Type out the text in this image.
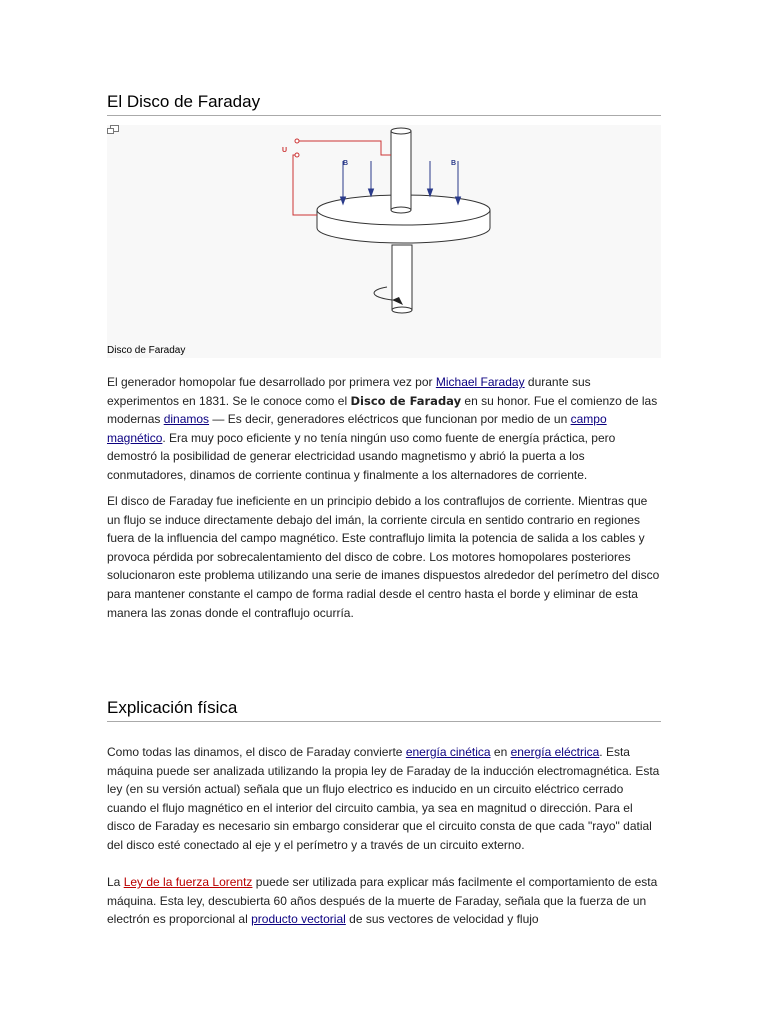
El Disco de Faraday
U
B	B
Disco de Faraday

El generador homopolar fue desarrollado por primera vez por Michael Faraday durante sus experimentos en 1831. Se le conoce como el Disco de Faraday en su honor. Fue el comienzo de las modernas dinamos — Es decir, generadores eléctricos que funcionan por medio de un campo magnético. Era muy poco eficiente y no tenía ningún uso como fuente de energía práctica, pero demostró la posibilidad de generar electricidad usando magnetismo y abrió la puerta a los conmutadores, dinamos de corriente continua y finalmente a los alternadores de corriente.

El disco de Faraday fue ineficiente en un principio debido a los contraflujos de corriente. Mientras que un flujo se induce directamente debajo del imán, la corriente circula en sentido contrario en regiones fuera de la influencia del campo magnético. Este contraflujo limita la potencia de salida a los cables y provoca pérdida por sobrecalentamiento del disco de cobre. Los motores homopolares posteriores solucionaron este problema utilizando una serie de imanes dispuestos alrededor del perímetro del disco para mantener constante el campo de forma radial desde el centro hasta el borde y eliminar de esta manera las zonas donde el contraflujo ocurría.

Explicación física

Como todas las dinamos, el disco de Faraday convierte energía cinética en energía eléctrica. Esta máquina puede ser analizada utilizando la propia ley de Faraday de la inducción electromagnética. Esta ley (en su versión actual) señala que un flujo electrico es inducido en un circuito eléctrico cerrado cuando el flujo magnético en el interior del circuito cambia, ya sea en magnitud o dirección. Para el disco de Faraday es necesario sin embargo considerar que el circuito consta de que cada "rayo" datial del disco esté conectado al eje y el perímetro y a través de un circuito externo.

La Ley de la fuerza Lorentz puede ser utilizada para explicar más facilmente el comportamiento de esta máquina. Esta ley, descubierta 60 años después de la muerte de Faraday, señala que la fuerza de un electrón es proporcional al producto vectorial de sus vectores de velocidad y flujo
